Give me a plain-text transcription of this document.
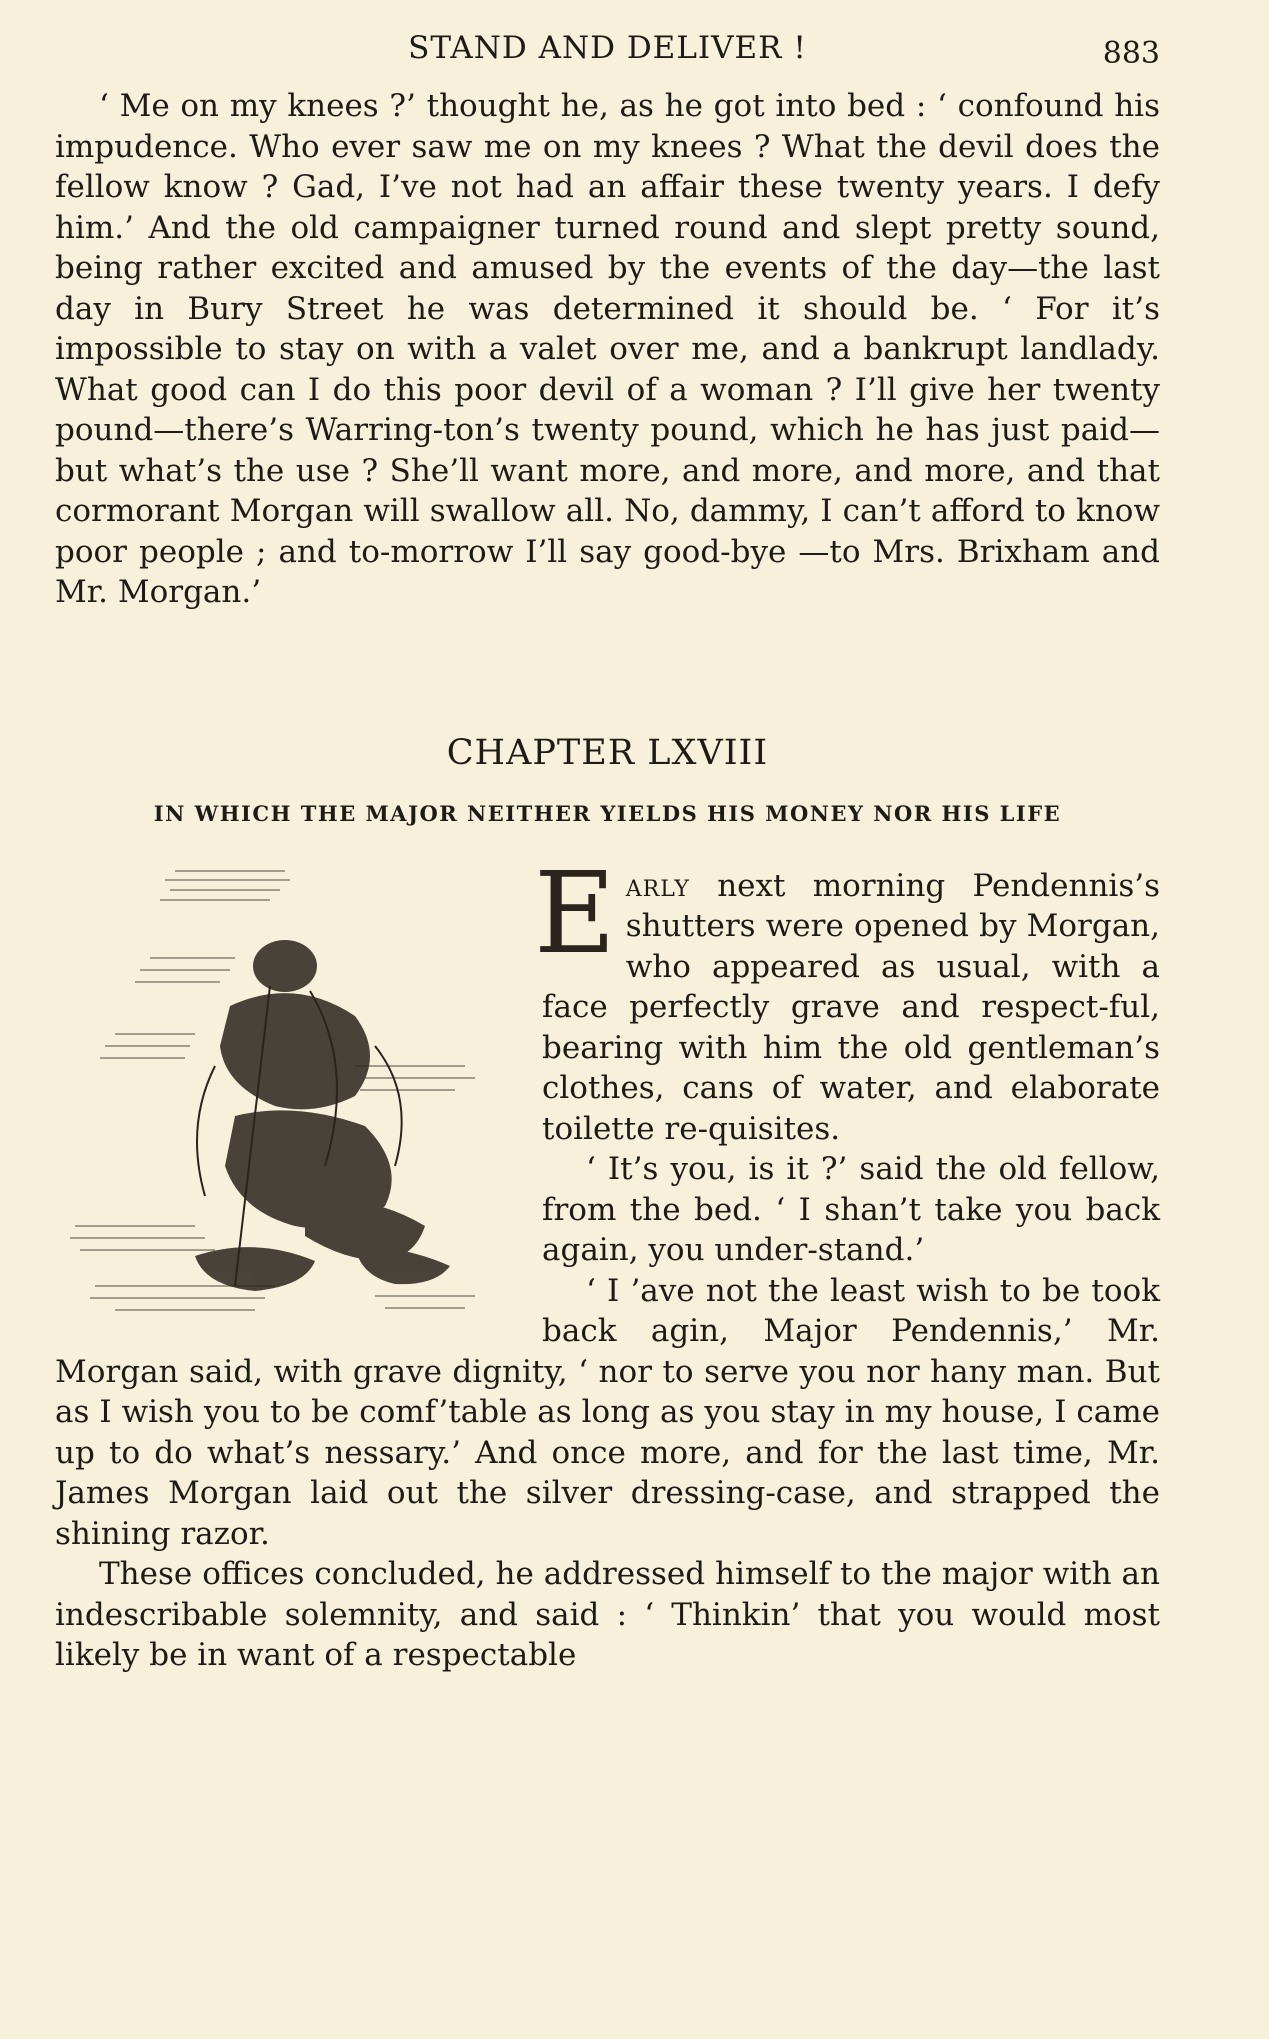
STAND AND DELIVER !	883

‘ Me on my knees ?’ thought he, as he got into bed : ‘ confound his impudence. Who ever saw me on my knees ? What the devil does the fellow know ? Gad, I’ve not had an affair these twenty years. I defy him.’ And the old campaigner turned round and slept pretty sound, being rather excited and amused by the events of the day—the last day in Bury Street he was determined it should be. ‘ For it’s impossible to stay on with a valet over me, and a bankrupt landlady. What good can I do this poor devil of a woman ? I’ll give her twenty pound—there’s Warring-ton’s twenty pound, which he has just paid—but what’s the use ? She’ll want more, and more, and more, and that cormorant Morgan will swallow all. No, dammy, I can’t afford to know poor people ; and to-morrow I’ll say good-bye —to Mrs. Brixham and Mr. Morgan.’

CHAPTER LXVIII
IN WHICH THE MAJOR NEITHER YIELDS HIS MONEY NOR HIS LIFE

Early next morning Pendennis’s shutters were opened by Morgan, who appeared as usual, with a face perfectly grave and respect-ful, bearing with him the old gentleman’s clothes, cans of water, and elaborate toilette re-quisites.

‘ It’s you, is it ?’ said the old fellow, from the bed. ‘ I shan’t take you back again, you under-stand.’

‘ I ’ave not the least wish to be took back agin, Major Pendennis,’ Mr. Morgan said, with grave dignity, ‘ nor to serve you nor hany man. But as I wish you to be comf’table as long as you stay in my house, I came up to do what’s nessary.’ And once more, and for the last time, Mr. James Morgan laid out the silver dressing-case, and strapped the shining razor.

These offices concluded, he addressed himself to the major with an indescribable solemnity, and said : ‘ Thinkin’ that you would most likely be in want of a respectable
